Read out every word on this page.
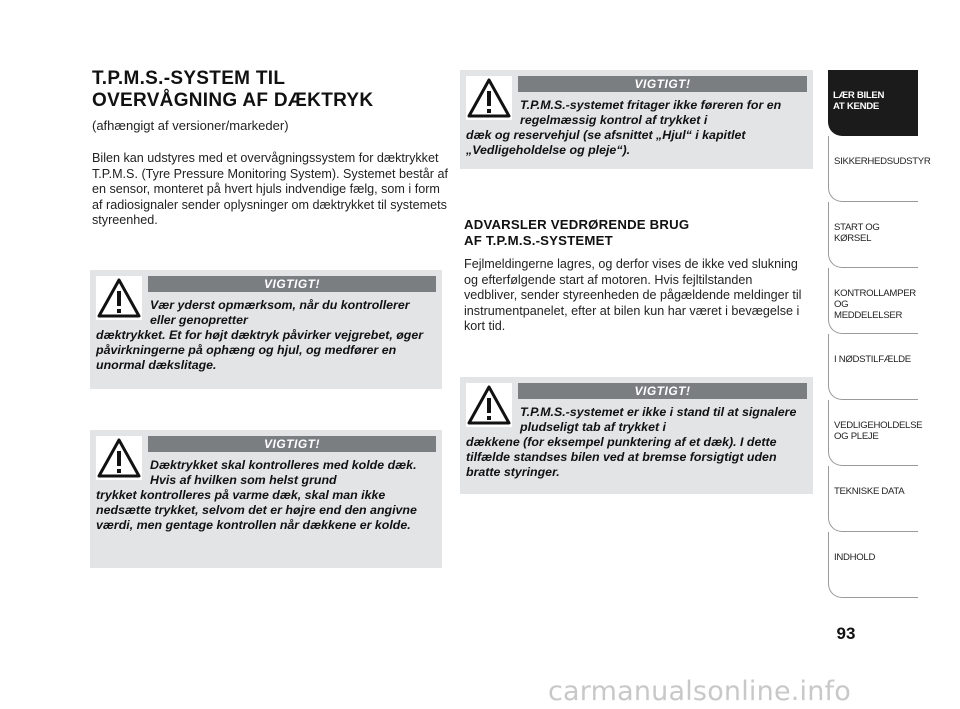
T.P.M.S.-SYSTEM TIL
OVERVÅGNING AF DÆKTRYK
(afhængigt af versioner/markeder)
Bilen kan udstyres med et overvågningssystem for dæktrykket T.P.M.S. (Tyre Pressure Monitoring System). Systemet består af en sensor, monteret på hvert hjuls indvendige fælg, som i form af radiosignaler sender oplysninger om dæktrykket til systemets styreenhed.
VIGTIGT!
Vær yderst opmærksom, når du kontrollerer eller genopretter
dæktrykket. Et for højt dæktryk påvirker vejgrebet, øger påvirkningerne på ophæng og hjul, og medfører en unormal dækslitage.
VIGTIGT!
Dæktrykket skal kontrolleres med kolde dæk. Hvis af hvilken som helst grund
trykket kontrolleres på varme dæk, skal man ikke nedsætte trykket, selvom det er højre end den angivne værdi, men gentage kontrollen når dækkene er kolde.
VIGTIGT!
T.P.M.S.-systemet fritager ikke føreren for en regelmæssig kontrol af trykket i
dæk og reservehjul (se afsnittet „Hjul“ i kapitlet „Vedligeholdelse og pleje“).
ADVARSLER VEDRØRENDE BRUG
AF T.P.M.S.-SYSTEMET
Fejlmeldingerne lagres, og derfor vises de ikke ved slukning og efterfølgende start af motoren. Hvis fejltilstanden vedbliver, sender styreenheden de pågældende meldinger til instrumentpanelet, efter at bilen kun har været i bevægelse i kort tid.
VIGTIGT!
T.P.M.S.-systemet er ikke i stand til at signalere pludseligt tab af trykket i
dækkene (for eksempel punktering af et dæk). I dette tilfælde standses bilen ved at bremse forsigtigt uden bratte styringer.
LÆR BILEN
AT KENDE
SIKKERHEDSUDSTYR
START OG KØRSEL
KONTROLLAMPER
OG MEDDELELSER
I NØDSTILFÆLDE
VEDLIGEHOLDELSE
OG PLEJE
TEKNISKE DATA
INDHOLD
93
carmanualsonline.info
